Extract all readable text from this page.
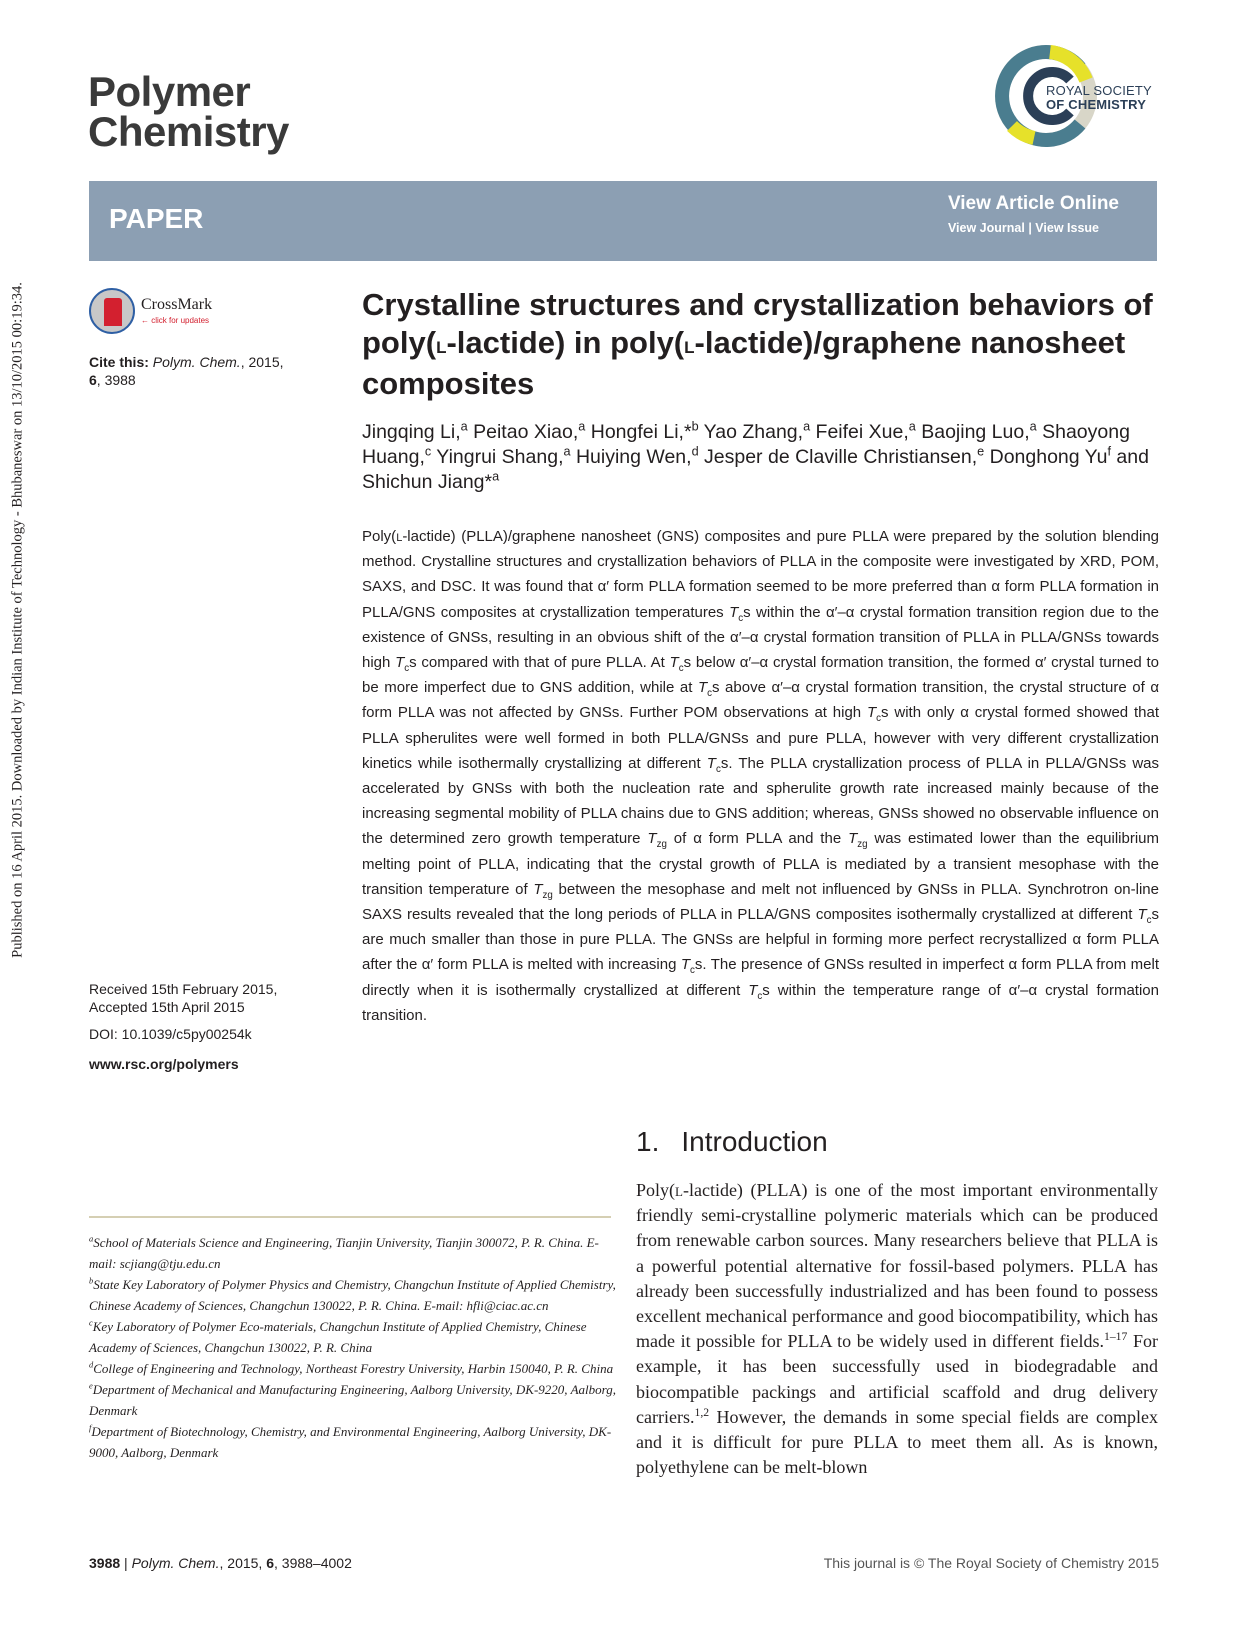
Published on 16 April 2015. Downloaded by Indian Institute of Technology - Bhubaneswar on 13/10/2015 00:19:34.
Polymer
Chemistry
ROYAL SOCIETY
OF CHEMISTRY
PAPER	View Article Online
View Journal | View Issue
CrossMark
← click for updates
Cite this: Polym. Chem., 2015, 6, 3988
Crystalline structures and crystallization behaviors of poly(l-lactide) in poly(l-lactide)/graphene nanosheet composites
Jingqing Li,$^a$ Peitao Xiao,$^a$ Hongfei Li,*$^b$ Yao Zhang,$^a$ Feifei Xue,$^a$ Baojing Luo,$^a$ Shaoyong Huang,$^c$ Yingrui Shang,$^a$ Huiying Wen,$^d$ Jesper de Claville Christiansen,$^e$ Donghong Yu$^f$ and Shichun Jiang*$^a$
Poly(l-lactide) (PLLA)/graphene nanosheet (GNS) composites and pure PLLA were prepared by the solution blending method. Crystalline structures and crystallization behaviors of PLLA in the composite were investigated by XRD, POM, SAXS, and DSC. It was found that α′ form PLLA formation seemed to be more preferred than α form PLLA formation in PLLA/GNS composites at crystallization temperatures $T_cs$ within the α′–α crystal formation transition region due to the existence of GNSs, resulting in an obvious shift of the α′–α crystal formation transition of PLLA in PLLA/GNSs towards high $T_cs$ compared with that of pure PLLA. At $T_cs$ below α′–α crystal formation transition, the formed α′ crystal turned to be more imperfect due to GNS addition, while at $T_cs$ above α′–α crystal formation transition, the crystal structure of α form PLLA was not affected by GNSs. Further POM observations at high $T_cs$ with only α crystal formed showed that PLLA spherulites were well formed in both PLLA/GNSs and pure PLLA, however with very different crystallization kinetics while isothermally crystallizing at different $T_cs$. The PLLA crystallization process of PLLA in PLLA/GNSs was accelerated by GNSs with both the nucleation rate and spherulite growth rate increased mainly because of the increasing segmental mobility of PLLA chains due to GNS addition; whereas, GNSs showed no observable influence on the determined zero growth temperature $T_{zg}$ of α form PLLA and the $T_{zg}$ was estimated lower than the equilibrium melting point of PLLA, indicating that the crystal growth of PLLA is mediated by a transient mesophase with the transition temperature of $T_{zg}$ between the mesophase and melt not influenced by GNSs in PLLA. Synchrotron on-line SAXS results revealed that the long periods of PLLA in PLLA/GNS composites isothermally crystallized at different $T_cs$ are much smaller than those in pure PLLA. The GNSs are helpful in forming more perfect recrystallized α form PLLA after the α′ form PLLA is melted with increasing $T_cs$. The presence of GNSs resulted in imperfect α form PLLA from melt directly when it is isothermally crystallized at different $T_cs$ within the temperature range of α′–α crystal formation transition.
Received 15th February 2015,
Accepted 15th April 2015
DOI: 10.1039/c5py00254k
www.rsc.org/polymers

$^a$School of Materials Science and Engineering, Tianjin University, Tianjin 300072, P. R. China. E-mail: scjiang@tju.edu.cn

$^b$State Key Laboratory of Polymer Physics and Chemistry, Changchun Institute of Applied Chemistry, Chinese Academy of Sciences, Changchun 130022, P. R. China. E-mail: hfli@ciac.ac.cn

$^c$Key Laboratory of Polymer Eco-materials, Changchun Institute of Applied Chemistry, Chinese Academy of Sciences, Changchun 130022, P. R. China

$^d$College of Engineering and Technology, Northeast Forestry University, Harbin 150040, P. R. China

$^e$Department of Mechanical and Manufacturing Engineering, Aalborg University, DK-9220, Aalborg, Denmark

$^f$Department of Biotechnology, Chemistry, and Environmental Engineering, Aalborg University, DK-9000, Aalborg, Denmark

1. Introduction
Poly(l-lactide) (PLLA) is one of the most important environmentally friendly semi-crystalline polymeric materials which can be produced from renewable carbon sources. Many researchers believe that PLLA is a powerful potential alternative for fossil-based polymers. PLLA has already been successfully industrialized and has been found to possess excellent mechanical performance and good biocompatibility, which has made it possible for PLLA to be widely used in different fields.$^{1-17}$ For example, it has been successfully used in biodegradable and biocompatible packings and artificial scaffold and drug delivery carriers.$^{1,2}$ However, the demands in some special fields are complex and it is difficult for pure PLLA to meet them all. As is known, polyethylene can be melt-blown
3988 | Polym. Chem., 2015, 6, 3988–4002	This journal is © The Royal Society of Chemistry 2015
